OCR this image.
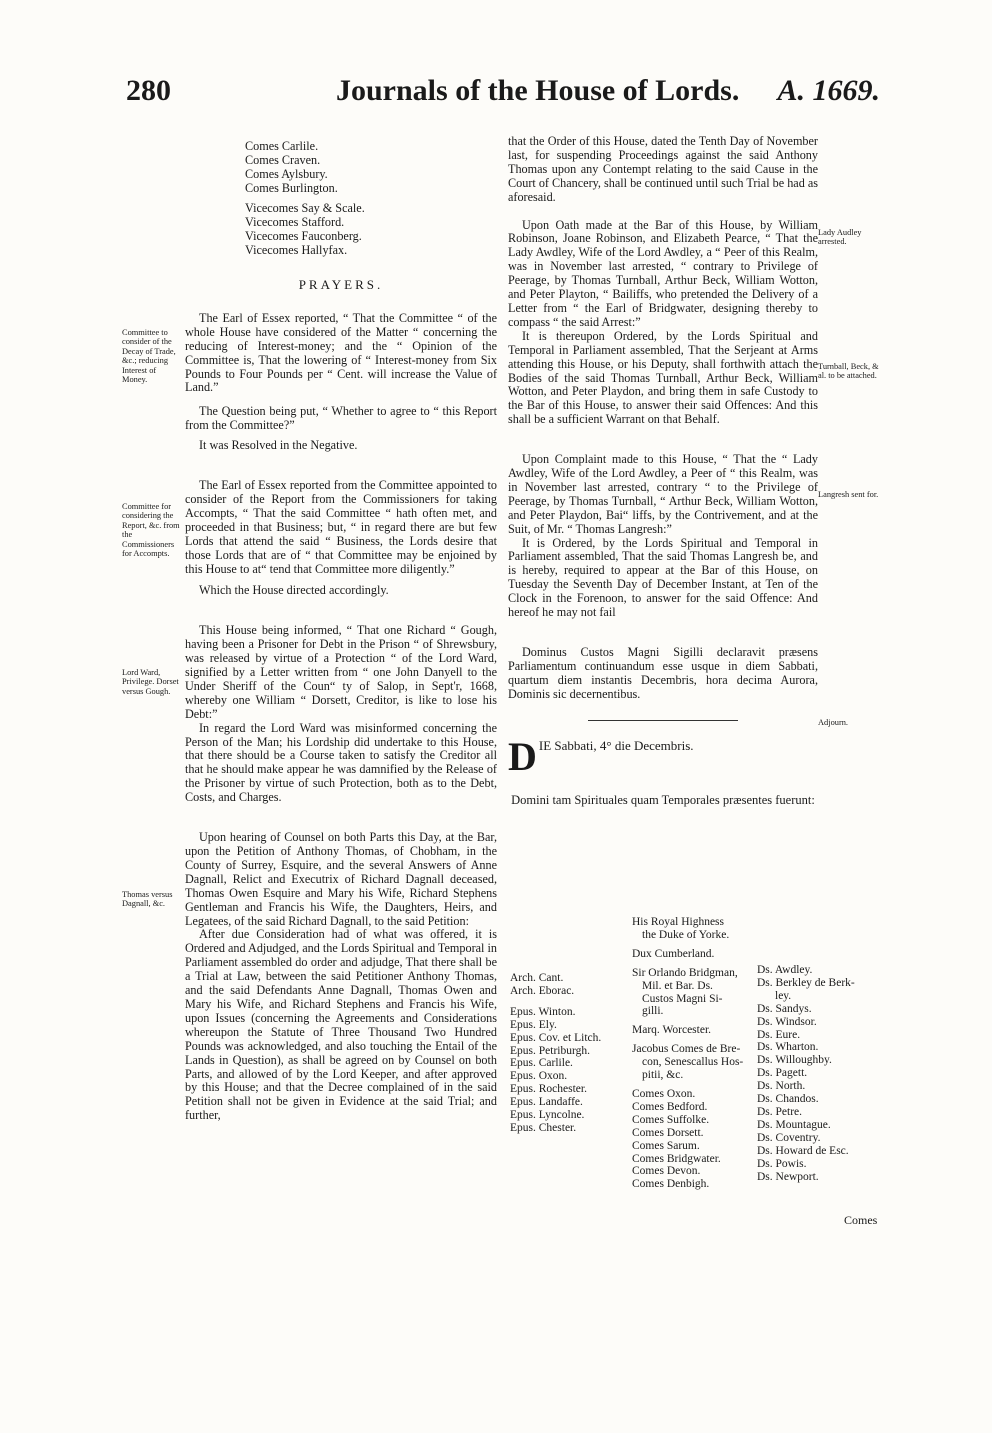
280	Journals of the House of Lords. A. 1669.
Comes Carlile.
Comes Craven.
Comes Aylsbury.
Comes Burlington.
Vicecomes Say & Scale.
Vicecomes Stafford.
Vicecomes Fauconberg.
Vicecomes Hallyfax.
PRAYERS.

The Earl of Essex reported, “ That the Committee “ of the whole House have considered of the Matter “ concerning the reducing of Interest-money; and the “ Opinion of the Committee is, That the lowering of “ Interest-money from Six Pounds to Four Pounds per “ Cent. will increase the Value of Land.”

The Question being put, “ Whether to agree to “ this Report from the Committee?”

It was Resolved in the Negative.

The Earl of Essex reported from the Committee appointed to consider of the Report from the Commissioners for taking Accompts, “ That the said Committee “ hath often met, and proceeded in that Business; but, “ in regard there are but few Lords that attend the said “ Business, the Lords desire that those Lords that are of “ that Committee may be enjoined by this House to at“ tend that Committee more diligently.”

Which the House directed accordingly.

This House being informed, “ That one Richard “ Gough, having been a Prisoner for Debt in the Prison “ of Shrewsbury, was released by virtue of a Protection “ of the Lord Ward, signified by a Letter written from “ one John Danyell to the Under Sheriff of the Coun“ ty of Salop, in Sept'r, 1668, whereby one William “ Dorsett, Creditor, is like to lose his Debt:”

In regard the Lord Ward was misinformed concerning the Person of the Man; his Lordship did undertake to this House, that there should be a Course taken to satisfy the Creditor all that he should make appear he was damnified by the Release of the Prisoner by virtue of such Protection, both as to the Debt, Costs, and Charges.

Upon hearing of Counsel on both Parts this Day, at the Bar, upon the Petition of Anthony Thomas, of Chobham, in the County of Surrey, Esquire, and the several Answers of Anne Dagnall, Relict and Executrix of Richard Dagnall deceased, Thomas Owen Esquire and Mary his Wife, Richard Stephens Gentleman and Francis his Wife, the Daughters, Heirs, and Legatees, of the said Richard Dagnall, to the said Petition:

After due Consideration had of what was offered, it is Ordered and Adjudged, and the Lords Spiritual and Temporal in Parliament assembled do order and adjudge, That there shall be a Trial at Law, between the said Petitioner Anthony Thomas, and the said Defendants Anne Dagnall, Thomas Owen and Mary his Wife, and Richard Stephens and Francis his Wife, upon Issues (concerning the Agreements and Considerations whereupon the Statute of Three Thousand Two Hundred Pounds was acknowledged, and also touching the Entail of the Lands in Question), as shall be agreed on by Counsel on both Parts, and allowed of by the Lord Keeper, and after approved by this House; and that the Decree complained of in the said Petition shall not be given in Evidence at the said Trial; and further,

Committee to consider of the Decay of Trade, &c.; reducing Interest of Money.
Committee for considering the Report, &c. from the Commissioners for Accompts.
Lord Ward, Privilege. Dorset versus Gough.
Thomas versus Dagnall, &c.

that the Order of this House, dated the Tenth Day of November last, for suspending Proceedings against the said Anthony Thomas upon any Contempt relating to the said Cause in the Court of Chancery, shall be continued until such Trial be had as aforesaid.

Upon Oath made at the Bar of this House, by William Robinson, Joane Robinson, and Elizabeth Pearce, “ That the Lady Awdley, Wife of the Lord Awdley, a “ Peer of this Realm, was in November last arrested, “ contrary to Privilege of Peerage, by Thomas Turnball, Arthur Beck, William Wotton, and Peter Playton, “ Bailiffs, who pretended the Delivery of a Letter from “ the Earl of Bridgwater, designing thereby to compass “ the said Arrest:”

It is thereupon Ordered, by the Lords Spiritual and Temporal in Parliament assembled, That the Serjeant at Arms attending this House, or his Deputy, shall forthwith attach the Bodies of the said Thomas Turnball, Arthur Beck, William Wotton, and Peter Playdon, and bring them in safe Custody to the Bar of this House, to answer their said Offences: And this shall be a sufficient Warrant on that Behalf.

Upon Complaint made to this House, “ That the “ Lady Awdley, Wife of the Lord Awdley, a Peer of “ this Realm, was in November last arrested, contrary “ to the Privilege of Peerage, by Thomas Turnball, “ Arthur Beck, William Wotton, and Peter Playdon, Bai“ liffs, by the Contrivement, and at the Suit, of Mr. “ Thomas Langresh:”

It is Ordered, by the Lords Spiritual and Temporal in Parliament assembled, That the said Thomas Langresh be, and is hereby, required to appear at the Bar of this House, on Tuesday the Seventh Day of December Instant, at Ten of the Clock in the Forenoon, to answer for the said Offence: And hereof he may not fail

Dominus Custos Magni Sigilli declaravit præsens Parliamentum continuandum esse usque in diem Sabbati, quartum diem instantis Decembris, hora decima Aurora, Dominis sic decernentibus.

D IE Sabbati, 4° die Decembris.
Domini tam Spirituales quam Temporales præsentes fuerunt:
Lady Audley arrested.
Turnball, Beck, & al. to be attached.
Langresh sent for.
Adjourn.
Arch. Cant.
Arch. Eborac.
Epus. Winton.
Epus. Ely.
Epus. Cov. et Litch.
Epus. Petriburgh.
Epus. Carlile.
Epus. Oxon.
Epus. Rochester.
Epus. Landaffe.
Epus. Lyncolne.
Epus. Chester.
His Royal Highness
the Duke of Yorke.
Dux Cumberland.
Sir Orlando Bridgman,
Mil. et Bar. Ds.
Custos Magni Si-
gilli.
Marq. Worcester.
Jacobus Comes de Bre-
con, Senescallus Hos-
pitii, &c.
Comes Oxon.
Comes Bedford.
Comes Suffolke.
Comes Dorsett.
Comes Sarum.
Comes Bridgwater.
Comes Devon.
Comes Denbigh.
Ds. Awdley.
Ds. Berkley de Berk-
ley.
Ds. Sandys.
Ds. Windsor.
Ds. Eure.
Ds. Wharton.
Ds. Willoughby.
Ds. Pagett.
Ds. North.
Ds. Chandos.
Ds. Petre.
Ds. Mountague.
Ds. Coventry.
Ds. Howard de Esc.
Ds. Powis.
Ds. Newport.
Comes
